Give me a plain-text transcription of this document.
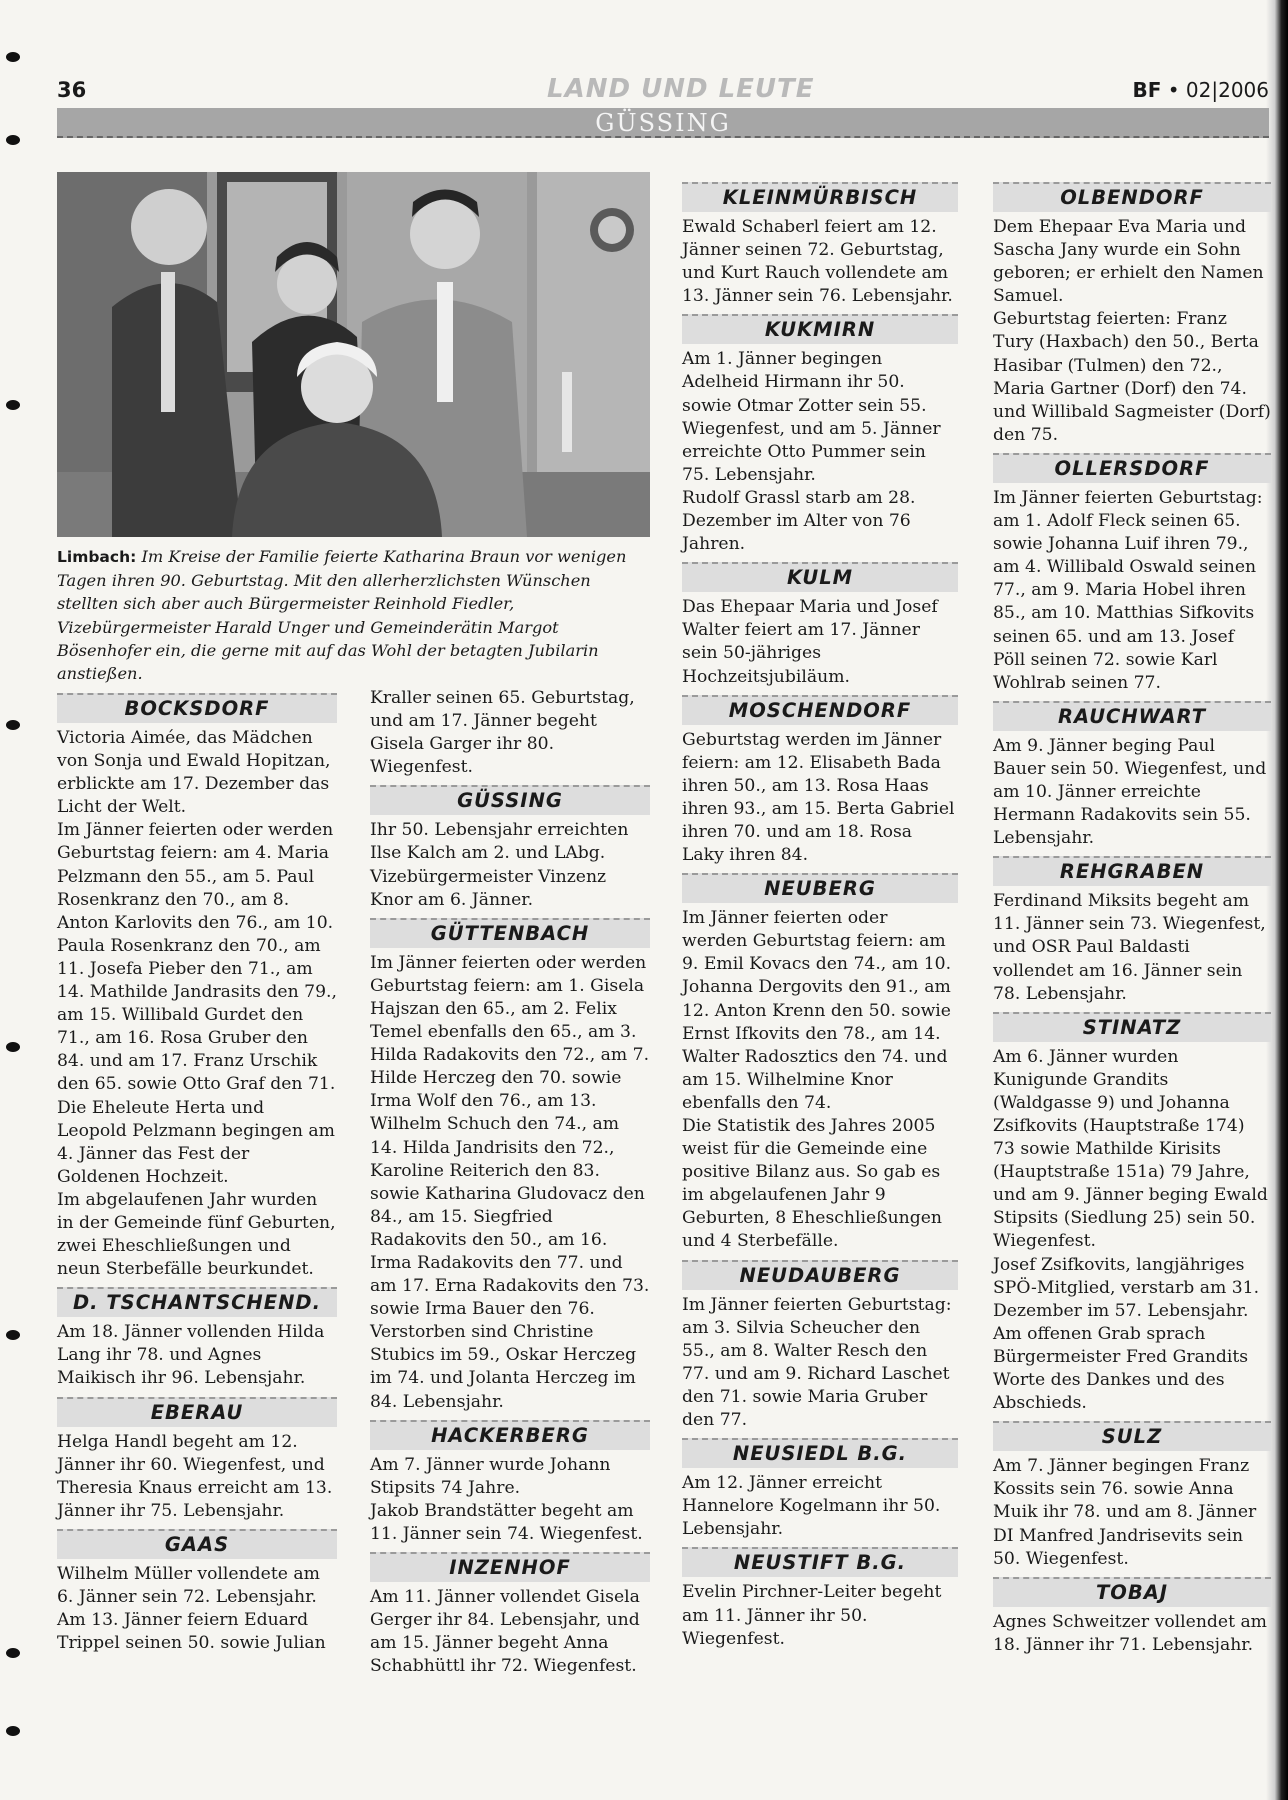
36	LAND UND LEUTE	BF • 02|2006
GÜSSING
Limbach: Im Kreise der Familie feierte Katharina Braun vor wenigen Tagen ihren 90. Geburtstag. Mit den allerherzlichsten Wünschen stellten sich aber auch Bürgermeister Reinhold Fiedler, Vizebürgermeister Harald Unger und Gemeinderätin Margot Bösenhofer ein, die gerne mit auf das Wohl der betagten Jubilarin anstießen.
BOCKSDORF
Victoria Aimée, das Mädchen von Sonja und Ewald Hopitzan, erblickte am 17. Dezember das Licht der Welt.
Im Jänner feierten oder werden Geburtstag feiern: am 4. Maria Pelzmann den 55., am 5. Paul Rosenkranz den 70., am 8. Anton Karlovits den 76., am 10. Paula Rosenkranz den 70., am 11. Josefa Pieber den 71., am 14. Mathilde Jandrasits den 79., am 15. Willibald Gurdet den 71., am 16. Rosa Gruber den 84. und am 17. Franz Urschik den 65. sowie Otto Graf den 71.
Die Eheleute Herta und Leopold Pelzmann begingen am 4. Jänner das Fest der Goldenen Hochzeit.
Im abgelaufenen Jahr wurden in der Gemeinde fünf Geburten, zwei Eheschließungen und neun Sterbefälle beurkundet.
D. TSCHANTSCHEND.
Am 18. Jänner vollenden Hilda Lang ihr 78. und Agnes Maikisch ihr 96. Lebensjahr.
EBERAU
Helga Handl begeht am 12. Jänner ihr 60. Wiegenfest, und Theresia Knaus erreicht am 13. Jänner ihr 75. Lebensjahr.
GAAS
Wilhelm Müller vollendete am 6. Jänner sein 72. Lebensjahr. Am 13. Jänner feiern Eduard Trippel seinen 50. sowie Julian
Kraller seinen 65. Geburtstag, und am 17. Jänner begeht Gisela Garger ihr 80. Wiegenfest.
GÜSSING
Ihr 50. Lebensjahr erreichten Ilse Kalch am 2. und LAbg. Vizebürgermeister Vinzenz Knor am 6. Jänner.
GÜTTENBACH
Im Jänner feierten oder werden Geburtstag feiern: am 1. Gisela Hajszan den 65., am 2. Felix Temel ebenfalls den 65., am 3. Hilda Radakovits den 72., am 7. Hilde Herczeg den 70. sowie Irma Wolf den 76., am 13. Wilhelm Schuch den 74., am 14. Hilda Jandrisits den 72., Karoline Reiterich den 83. sowie Katharina Gludovacz den 84., am 15. Siegfried Radakovits den 50., am 16. Irma Radakovits den 77. und am 17. Erna Radakovits den 73. sowie Irma Bauer den 76.
Verstorben sind Christine Stubics im 59., Oskar Herczeg im 74. und Jolanta Herczeg im 84. Lebensjahr.
HACKERBERG
Am 7. Jänner wurde Johann Stipsits 74 Jahre.
Jakob Brandstätter begeht am 11. Jänner sein 74. Wiegenfest.
INZENHOF
Am 11. Jänner vollendet Gisela Gerger ihr 84. Lebensjahr, und am 15. Jänner begeht Anna Schabhüttl ihr 72. Wiegenfest.
KLEINMÜRBISCH
Ewald Schaberl feiert am 12. Jänner seinen 72. Geburtstag, und Kurt Rauch vollendete am 13. Jänner sein 76. Lebensjahr.
KUKMIRN
Am 1. Jänner begingen Adelheid Hirmann ihr 50. sowie Otmar Zotter sein 55. Wiegenfest, und am 5. Jänner erreichte Otto Pummer sein 75. Lebensjahr.
Rudolf Grassl starb am 28. Dezember im Alter von 76 Jahren.
KULM
Das Ehepaar Maria und Josef Walter feiert am 17. Jänner sein 50-jähriges Hochzeitsjubiläum.
MOSCHENDORF
Geburtstag werden im Jänner feiern: am 12. Elisabeth Bada ihren 50., am 13. Rosa Haas ihren 93., am 15. Berta Gabriel ihren 70. und am 18. Rosa Laky ihren 84.
NEUBERG
Im Jänner feierten oder werden Geburtstag feiern: am 9. Emil Kovacs den 74., am 10. Johanna Dergovits den 91., am 12. Anton Krenn den 50. sowie Ernst Ifkovits den 78., am 14. Walter Radosztics den 74. und am 15. Wilhelmine Knor ebenfalls den 74.
Die Statistik des Jahres 2005 weist für die Gemeinde eine positive Bilanz aus. So gab es im abgelaufenen Jahr 9 Geburten, 8 Eheschließungen und 4 Sterbefälle.
NEUDAUBERG
Im Jänner feierten Geburtstag: am 3. Silvia Scheucher den 55., am 8. Walter Resch den 77. und am 9. Richard Laschet den 71. sowie Maria Gruber den 77.
NEUSIEDL B.G.
Am 12. Jänner erreicht Hannelore Kogelmann ihr 50. Lebensjahr.
NEUSTIFT B.G.
Evelin Pirchner-Leiter begeht am 11. Jänner ihr 50. Wiegenfest.
OLBENDORF
Dem Ehepaar Eva Maria und Sascha Jany wurde ein Sohn geboren; er erhielt den Namen Samuel.
Geburtstag feierten: Franz Tury (Haxbach) den 50., Berta Hasibar (Tulmen) den 72., Maria Gartner (Dorf) den 74. und Willibald Sagmeister (Dorf) den 75.
OLLERSDORF
Im Jänner feierten Geburtstag: am 1. Adolf Fleck seinen 65. sowie Johanna Luif ihren 79., am 4. Willibald Oswald seinen 77., am 9. Maria Hobel ihren 85., am 10. Matthias Sifkovits seinen 65. und am 13. Josef Pöll seinen 72. sowie Karl Wohlrab seinen 77.
RAUCHWART
Am 9. Jänner beging Paul Bauer sein 50. Wiegenfest, und am 10. Jänner erreichte Hermann Radakovits sein 55. Lebensjahr.
REHGRABEN
Ferdinand Miksits begeht am 11. Jänner sein 73. Wiegenfest, und OSR Paul Baldasti vollendet am 16. Jänner sein 78. Lebensjahr.
STINATZ
Am 6. Jänner wurden Kunigunde Grandits (Waldgasse 9) und Johanna Zsifkovits (Hauptstraße 174) 73 sowie Mathilde Kirisits (Hauptstraße 151a) 79 Jahre, und am 9. Jänner beging Ewald Stipsits (Siedlung 25) sein 50. Wiegenfest.
Josef Zsifkovits, langjähriges SPÖ-Mitglied, verstarb am 31. Dezember im 57. Lebensjahr. Am offenen Grab sprach Bürgermeister Fred Grandits Worte des Dankes und des Abschieds.
SULZ
Am 7. Jänner begingen Franz Kossits sein 76. sowie Anna Muik ihr 78. und am 8. Jänner DI Manfred Jandrisevits sein 50. Wiegenfest.
TOBAJ
Agnes Schweitzer vollendet am 18. Jänner ihr 71. Lebensjahr.
